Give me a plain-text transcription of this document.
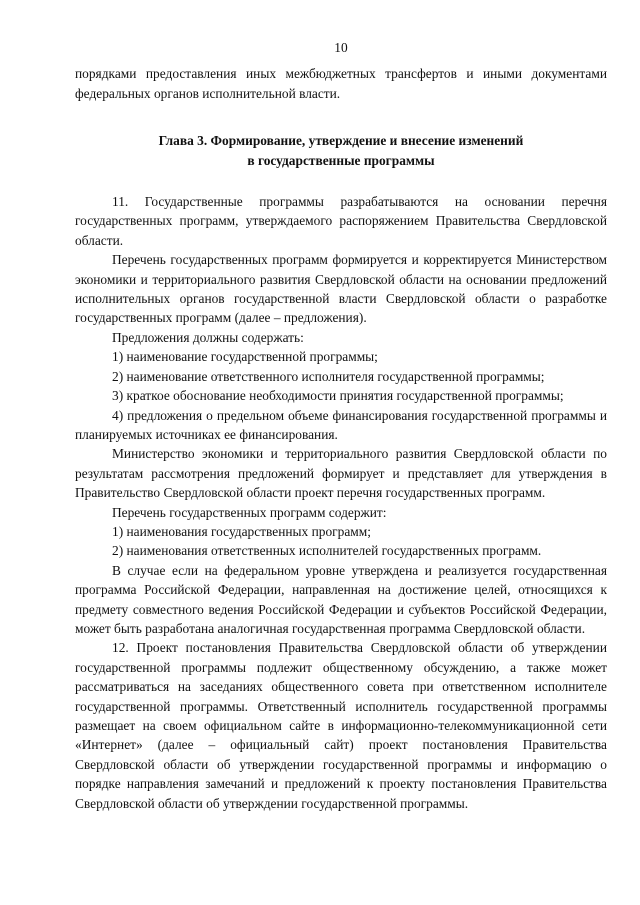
10

порядками предоставления иных межбюджетных трансфертов и иными документами федеральных органов исполнительной власти.

Глава 3. Формирование, утверждение и внесение изменений
в государственные программы

11. Государственные программы разрабатываются на основании перечня государственных программ, утверждаемого распоряжением Правительства Свердловской области.

Перечень государственных программ формируется и корректируется Министерством экономики и территориального развития Свердловской области на основании предложений исполнительных органов государственной власти Свердловской области о разработке государственных программ (далее – предложения).

Предложения должны содержать:

1) наименование государственной программы;

2) наименование ответственного исполнителя государственной программы;

3) краткое обоснование необходимости принятия государственной программы;

4) предложения о предельном объеме финансирования государственной программы и планируемых источниках ее финансирования.

Министерство экономики и территориального развития Свердловской области по результатам рассмотрения предложений формирует и представляет для утверждения в Правительство Свердловской области проект перечня государственных программ.

Перечень государственных программ содержит:

1) наименования государственных программ;

2) наименования ответственных исполнителей государственных программ.

В случае если на федеральном уровне утверждена и реализуется государственная программа Российской Федерации, направленная на достижение целей, относящихся к предмету совместного ведения Российской Федерации и субъектов Российской Федерации, может быть разработана аналогичная государственная программа Свердловской области.

12. Проект постановления Правительства Свердловской области об утверждении государственной программы подлежит общественному обсуждению, а также может рассматриваться на заседаниях общественного совета при ответственном исполнителе государственной программы. Ответственный исполнитель государственной программы размещает на своем официальном сайте в информационно-телекоммуникационной сети «Интернет» (далее – официальный сайт) проект постановления Правительства Свердловской области об утверждении государственной программы и информацию о порядке направления замечаний и предложений к проекту постановления Правительства Свердловской области об утверждении государственной программы.
